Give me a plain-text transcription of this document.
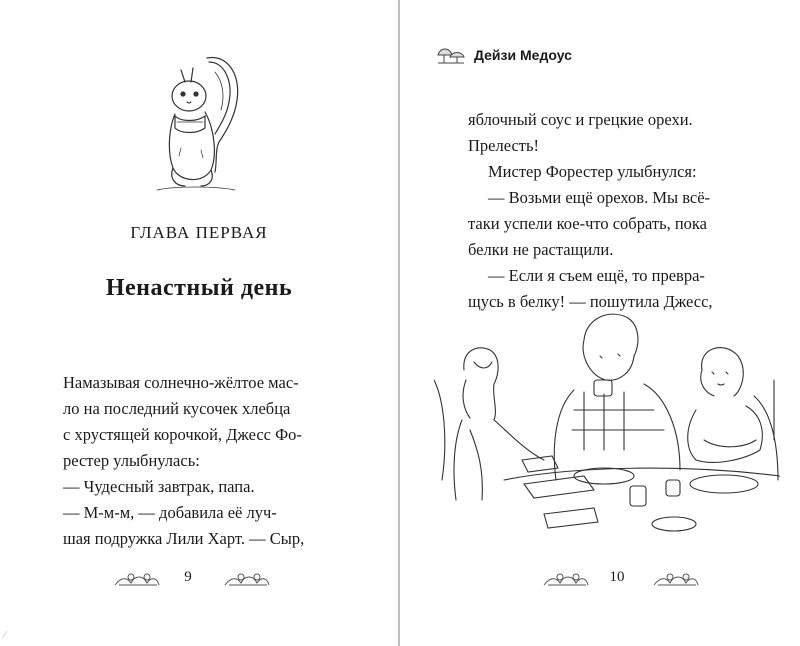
ГЛАВА ПЕРВАЯ
Ненастный день
Намазывая солнечно-жёлтое мас-
ло на последний кусочек хлебца
с хрустящей корочкой, Джесс Фо-
рестер улыбнулась:
— Чудесный завтрак, папа.
— М-м-м, — добавила её луч-
шая подружка Лили Харт. — Сыр,
9
⁄
Дейзи Медоус
яблочный соус и грецкие орехи.
Прелесть!
Мистер Форестер улыбнулся:
— Возьми ещё орехов. Мы всё-
таки успели кое-что собрать, пока
белки не растащили.
— Если я съем ещё, то превра-
щусь в белку! — пошутила Джесс,
10
